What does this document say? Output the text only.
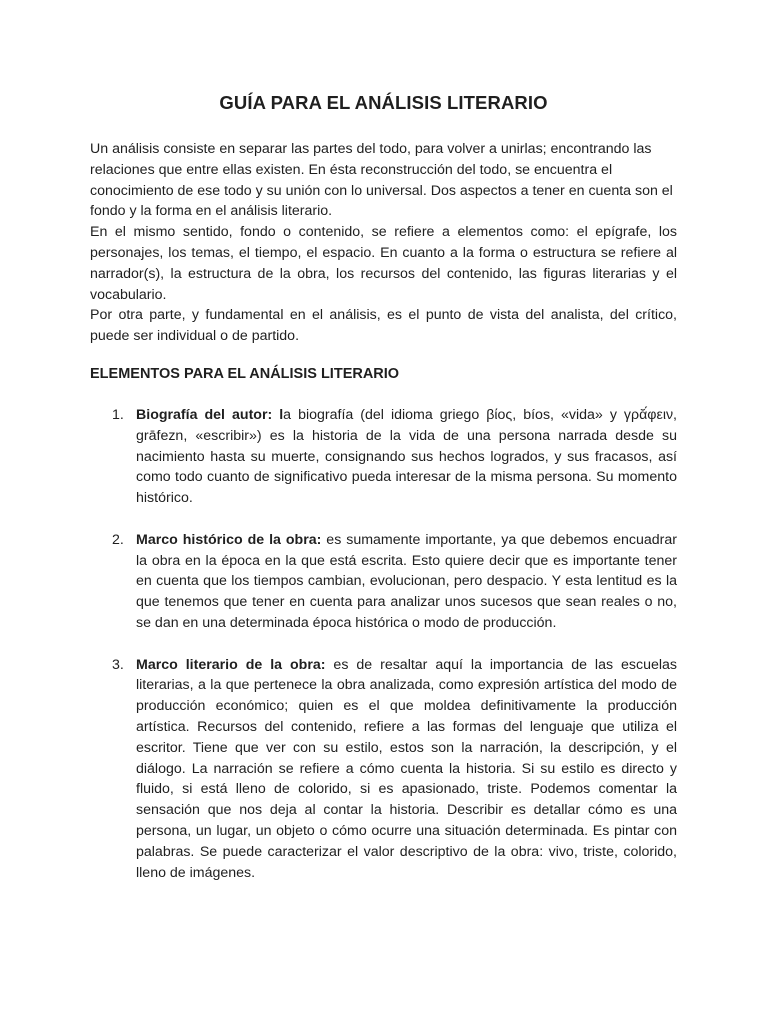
GUÍA PARA EL ANÁLISIS LITERARIO

Un análisis consiste en separar las partes del todo, para volver a unirlas; encontrando las relaciones que entre ellas existen. En ésta reconstrucción del todo, se encuentra el conocimiento de ese todo y su unión con lo universal. Dos aspectos a tener en cuenta son el fondo y la forma en el análisis literario.

En el mismo sentido, fondo o contenido, se refiere a elementos como: el epígrafe, los personajes, los temas, el tiempo, el espacio. En cuanto a la forma o estructura se refiere al narrador(s), la estructura de la obra, los recursos del contenido, las figuras literarias y el vocabulario.

Por otra parte, y fundamental en el análisis, es el punto de vista del analista, del crítico, puede ser individual o de partido.

ELEMENTOS PARA EL ANÁLISIS LITERARIO
1. Biografía del autor: la biografía (del idioma griego βίος, bíos, «vida» y γρᾰ́φειν, grāfezn, «escribir») es la historia de la vida de una persona narrada desde su nacimiento hasta su muerte, consignando sus hechos logrados, y sus fracasos, así como todo cuanto de significativo pueda interesar de la misma persona. Su momento histórico.
2. Marco histórico de la obra: es sumamente importante, ya que debemos encuadrar la obra en la época en la que está escrita. Esto quiere decir que es importante tener en cuenta que los tiempos cambian, evolucionan, pero despacio. Y esta lentitud es la que tenemos que tener en cuenta para analizar unos sucesos que sean reales o no, se dan en una determinada época histórica o modo de producción.
3. Marco literario de la obra: es de resaltar aquí la importancia de las escuelas literarias, a la que pertenece la obra analizada, como expresión artística del modo de producción económico; quien es el que moldea definitivamente la producción artística. Recursos del contenido, refiere a las formas del lenguaje que utiliza el escritor. Tiene que ver con su estilo, estos son la narración, la descripción, y el diálogo. La narración se refiere a cómo cuenta la historia. Si su estilo es directo y fluido, si está lleno de colorido, si es apasionado, triste. Podemos comentar la sensación que nos deja al contar la historia. Describir es detallar cómo es una persona, un lugar, un objeto o cómo ocurre una situación determinada. Es pintar con palabras. Se puede caracterizar el valor descriptivo de la obra: vivo, triste, colorido, lleno de imágenes.
